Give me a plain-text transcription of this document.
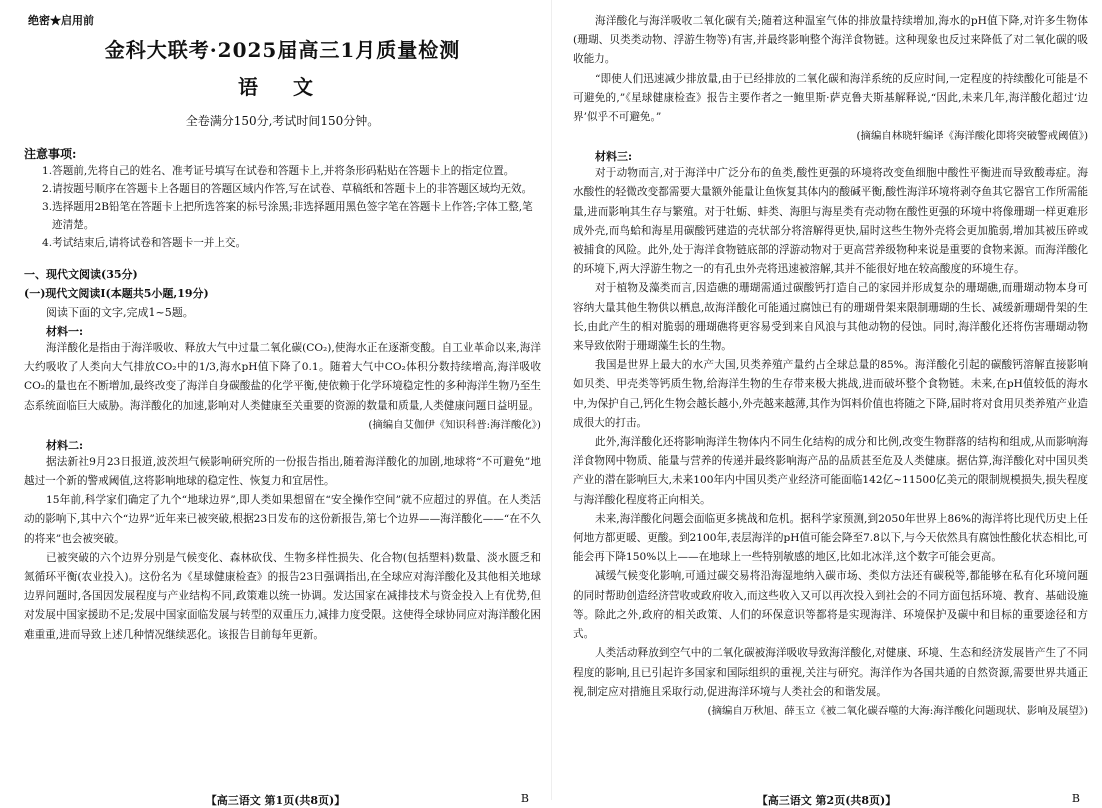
绝密★启用前
金科大联考·2025届高三1月质量检测
语 文
全卷满分150分,考试时间150分钟。
注意事项:
1.答题前,先将自己的姓名、准考证号填写在试卷和答题卡上,并将条形码粘贴在答题卡上的指定位置。
2.请按题号顺序在答题卡上各题目的答题区域内作答,写在试卷、草稿纸和答题卡上的非答题区域均无效。
3.选择题用2B铅笔在答题卡上把所选答案的标号涂黑;非选择题用黑色签字笔在答题卡上作答;字体工整,笔迹清楚。
4.考试结束后,请将试卷和答题卡一并上交。
一、现代文阅读(35分)
(一)现代文阅读Ⅰ(本题共5小题,19分)
阅读下面的文字,完成1~5题。
材料一:

海洋酸化是指由于海洋吸收、释放大气中过量二氧化碳(CO₂),使海水正在逐渐变酸。自工业革命以来,海洋大约吸收了人类向大气排放CO₂中的1/3,海水pH值下降了0.1。随着大气中CO₂体积分数持续增高,海洋吸收CO₂的量也在不断增加,最终改变了海洋自身碳酸盐的化学平衡,使依赖于化学环境稳定性的多种海洋生物乃至生态系统面临巨大威胁。海洋酸化的加速,影响对人类健康至关重要的资源的数量和质量,人类健康问题日益明显。

(摘编自艾伽伊《知识科普:海洋酸化》)
材料二:

据法新社9月23日报道,波茨坦气候影响研究所的一份报告指出,随着海洋酸化的加剧,地球将“不可避免”地越过一个新的警戒阈值,这将影响地球的稳定性、恢复力和宜居性。

15年前,科学家们确定了九个“地球边界”,即人类如果想留在“安全操作空间”就不应超过的界值。在人类活动的影响下,其中六个“边界”近年来已被突破,根据23日发布的这份新报告,第七个边界——海洋酸化——“在不久的将来”也会被突破。

已被突破的六个边界分别是气候变化、森林砍伐、生物多样性损失、化合物(包括塑料)数量、淡水匮乏和氮循环平衡(农业投入)。这份名为《星球健康检查》的报告23日强调指出,在全球应对海洋酸化及其他相关地球边界问题时,各国因发展程度与产业结构不同,政策难以统一协调。发达国家在减排技术与资金投入上有优势,但对发展中国家援助不足;发展中国家面临发展与转型的双重压力,减排力度受限。这使得全球协同应对海洋酸化困难重重,进而导致上述几种情况继续恶化。该报告目前每年更新。

【高三语文 第1页(共8页)】	B

海洋酸化与海洋吸收二氧化碳有关;随着这种温室气体的排放量持续增加,海水的pH值下降,对许多生物体(珊瑚、贝类类动物、浮游生物等)有害,并最终影响整个海洋食物链。这种现象也反过来降低了对二氧化碳的吸收能力。

“即使人们迅速减少排放量,由于已经排放的二氧化碳和海洋系统的反应时间,一定程度的持续酸化可能是不可避免的,”《星球健康检查》报告主要作者之一鲍里斯·萨克鲁夫斯基解释说,“因此,未来几年,海洋酸化超过‘边界’似乎不可避免。”

(摘编自林晓轩编译《海洋酸化即将突破警戒阈值》)
材料三:

对于动物而言,对于海洋中广泛分布的鱼类,酸性更强的环境将改变鱼细胞中酸性平衡进而导致酸毒症。海水酸性的轻微改变都需要大量额外能量让鱼恢复其体内的酸碱平衡,酸性海洋环境将剥夺鱼其它器官工作所需能量,进而影响其生存与繁殖。对于牡蛎、蚌类、海胆与海星类有壳动物在酸性更强的环境中将像珊瑚一样更难形成外壳,而鸟蛤和海星用碳酸钙建造的壳状部分将溶解得更快,届时这些生物外壳将会更加脆弱,增加其被压碎或被捕食的风险。此外,处于海洋食物链底部的浮游动物对于更高营养级物种来说是重要的食物来源。而海洋酸化的环境下,两大浮游生物之一的有孔虫外壳将迅速被溶解,其并不能很好地在较高酸度的环境生存。

对于植物及藻类而言,因造礁的珊瑚需通过碳酸钙打造自己的家园并形成复杂的珊瑚礁,而珊瑚动物本身可容纳大量其他生物供以栖息,故海洋酸化可能通过腐蚀已有的珊瑚骨架来限制珊瑚的生长、减缓新珊瑚骨架的生长,由此产生的相对脆弱的珊瑚礁将更容易受到来自风浪与其他动物的侵蚀。同时,海洋酸化还将伤害珊瑚动物来导致依附于珊瑚藻生长的生物。

我国是世界上最大的水产大国,贝类养殖产量约占全球总量的85%。海洋酸化引起的碳酸钙溶解直接影响如贝类、甲壳类等钙质生物,给海洋生物的生存带来极大挑战,进而破坏整个食物链。未来,在pH值较低的海水中,为保护自己,钙化生物会越长越小,外壳越来越薄,其作为饵料价值也将随之下降,届时将对食用贝类养殖产业造成很大的打击。

此外,海洋酸化还将影响海洋生物体内不同生化结构的成分和比例,改变生物群落的结构和组成,从而影响海洋食物网中物质、能量与营养的传递并最终影响海产品的品质甚至危及人类健康。据估算,海洋酸化对中国贝类产业的潜在影响巨大,未来100年内中国贝类产业经济可能面临142亿~11500亿美元的限制规模损失,损失程度与海洋酸化程度将正向相关。

未来,海洋酸化问题会面临更多挑战和危机。据科学家预测,到2050年世界上86%的海洋将比现代历史上任何地方都更暖、更酸。到2100年,表层海洋的pH值可能会降至7.8以下,与今天依然具有腐蚀性酸化状态相比,可能会再下降150%以上——在地球上一些特别敏感的地区,比如北冰洋,这个数字可能会更高。

减缓气候变化影响,可通过碳交易将沿海湿地纳入碳市场、类似方法还有碳税等,都能够在私有化环境问题的同时帮助创造经济营收或政府收入,而这些收入又可以再次投入到社会的不同方面包括环境、教育、基础设施等。除此之外,政府的相关政策、人们的环保意识等都将是实现海洋、环境保护及碳中和目标的重要途径和方式。

人类活动释放到空气中的二氧化碳被海洋吸收导致海洋酸化,对健康、环境、生态和经济发展皆产生了不同程度的影响,且已引起许多国家和国际组织的重视,关注与研究。海洋作为各国共通的自然资源,需要世界共通正视,制定应对措施且采取行动,促进海洋环境与人类社会的和谐发展。

(摘编自万秋旭、薛玉立《被二氧化碳吞噬的大海:海洋酸化问题现状、影响及展望》)
【高三语文 第2页(共8页)】	B
